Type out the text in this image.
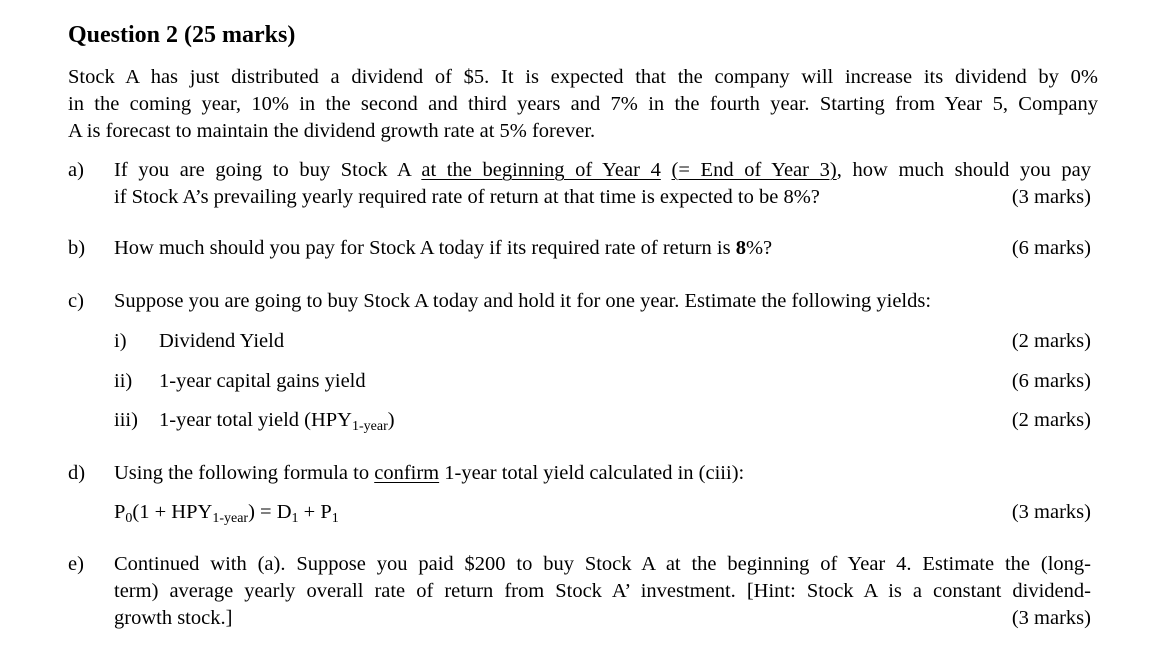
Question 2 (25 marks)
Stock A has just distributed a dividend of $5. It is expected that the company will increase its dividend by 0%
in the coming year, 10% in the second and third years and 7% in the fourth year. Starting from Year 5, Company
A is forecast to maintain the dividend growth rate at 5% forever.
a) If you are going to buy Stock A at the beginning of Year 4 (= End of Year 3), how much should you pay
if Stock A’s prevailing yearly required rate of return at that time is expected to be 8%?	(3 marks)
b) How much should you pay for Stock A today if its required rate of return is 8%?	(6 marks)
c) Suppose you are going to buy Stock A today and hold it for one year. Estimate the following yields:
i) Dividend Yield	(2 marks)
ii) 1-year capital gains yield	(6 marks)
iii) 1-year total yield (HPY1-year)	(2 marks)
d) Using the following formula to confirm 1-year total yield calculated in (ciii):
P0(1 + HPY1-year) = D1 + P1	(3 marks)
e) Continued with (a). Suppose you paid $200 to buy Stock A at the beginning of Year 4. Estimate the (long-
term) average yearly overall rate of return from Stock A’ investment. [Hint: Stock A is a constant dividend-
growth stock.]	(3 marks)
